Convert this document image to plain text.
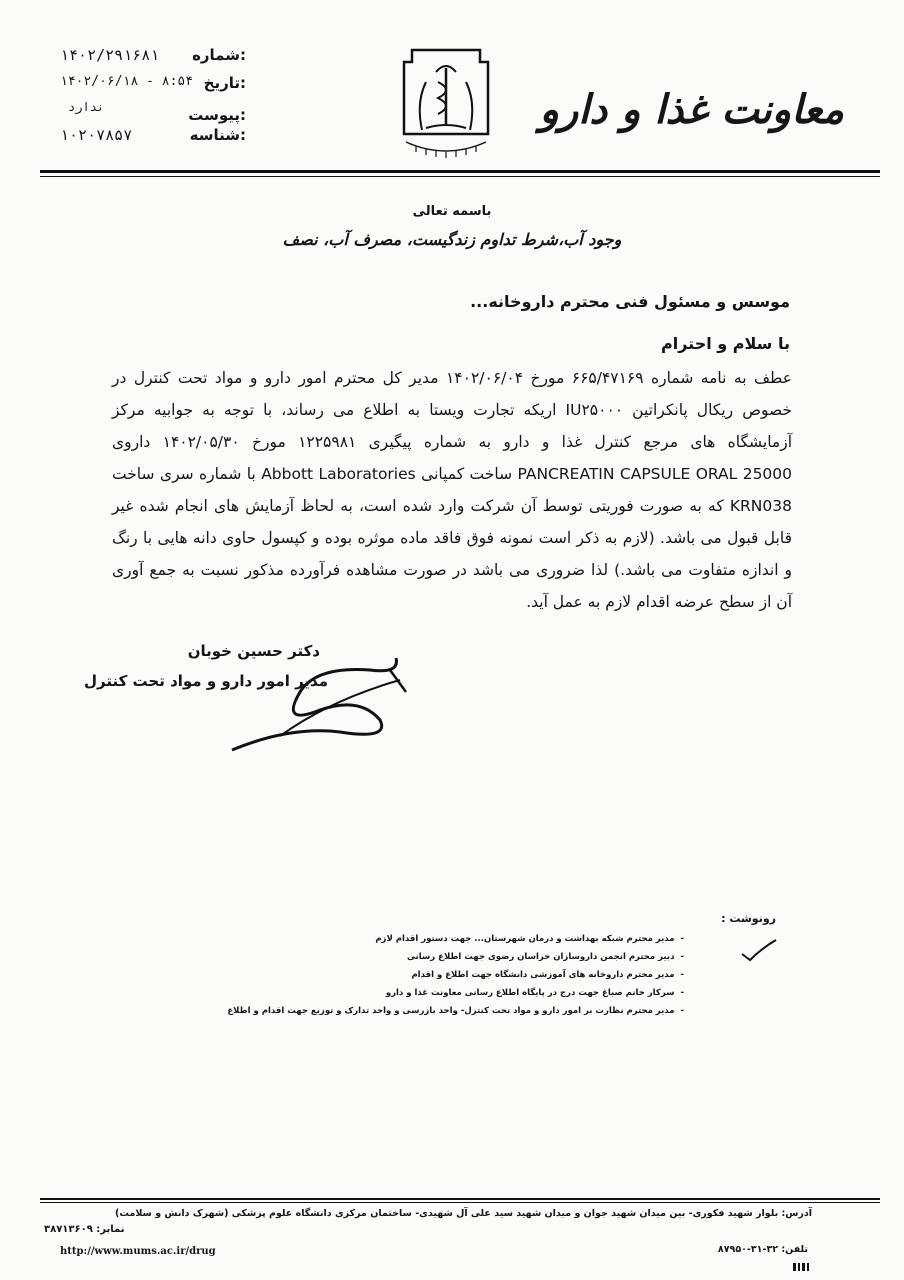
معاونت غذا و دارو
شماره:
۱۴۰۲/۲۹۱۶۸۱
تاریخ:
۱۴۰۲/۰۶/۱۸ - ۸:۵۴
پیوست:
ندارد
شناسه:
۱۰۲۰۷۸۵۷
باسمه تعالی
وجود آب،شرط تداوم زندگیست، مصرف آب، نصف
موسس و مسئول فنی محترم داروخانه...
با سلام و احترام
عطف به نامه شماره ۶۶۵/۴۷۱۶۹ مورخ ۱۴۰۲/۰۶/۰۴ مدیر کل محترم امور دارو و مواد تحت کنترل در خصوص ریکال پانکراتین IU۲۵۰۰۰ اریکه تجارت ویستا به اطلاع می رساند، با توجه به جوابیه مرکز آزمایشگاه های مرجع کنترل غذا و دارو به شماره پیگیری ۱۲۲۵۹۸۱ مورخ ۱۴۰۲/۰۵/۳۰ داروی PANCREATIN CAPSULE ORAL 25000 ساخت کمپانی Abbott Laboratories با شماره سری ساخت KRN038 که به صورت فوریتی توسط آن شرکت وارد شده است، به لحاظ آزمایش های انجام شده غیر قابل قبول می باشد. (لازم به ذکر است نمونه فوق فاقد ماده موثره بوده و کپسول حاوی دانه هایی با رنگ و اندازه متفاوت می باشد.) لذا ضروری می باشد در صورت مشاهده فرآورده مذکور نسبت به جمع آوری آن از سطح عرضه اقدام لازم به عمل آید.
دکتر حسین خوبان
مدیر امور دارو و مواد تحت کنترل
رونوشت :
-مدیر محترم شبکه بهداشت و درمان شهرستان... جهت دستور اقدام لازم
-دبیر محترم انجمن داروسازان خراسان رضوی جهت اطلاع رسانی
-مدیر محترم داروخانه های آموزشی دانشگاه جهت اطلاع و اقدام
-سرکار خانم صباغ جهت درج در پایگاه اطلاع رسانی معاونت غذا و دارو
-مدیر محترم نظارت بر امور دارو و مواد تحت کنترل- واحد بازرسی و واحد تدارک و توزیع جهت اقدام و اطلاع
آدرس: بلوار شهید فکوری- بین میدان شهید جوان و میدان شهید سید علی آل شهیدی- ساختمان مرکزی دانشگاه علوم پزشکی (شهرک دانش و سلامت)
تلفن: ۳۲-۳۱-۸۷۹۵۰
نمابر: ۳۸۷۱۳۶۰۹
http://www.mums.ac.ir/drug
